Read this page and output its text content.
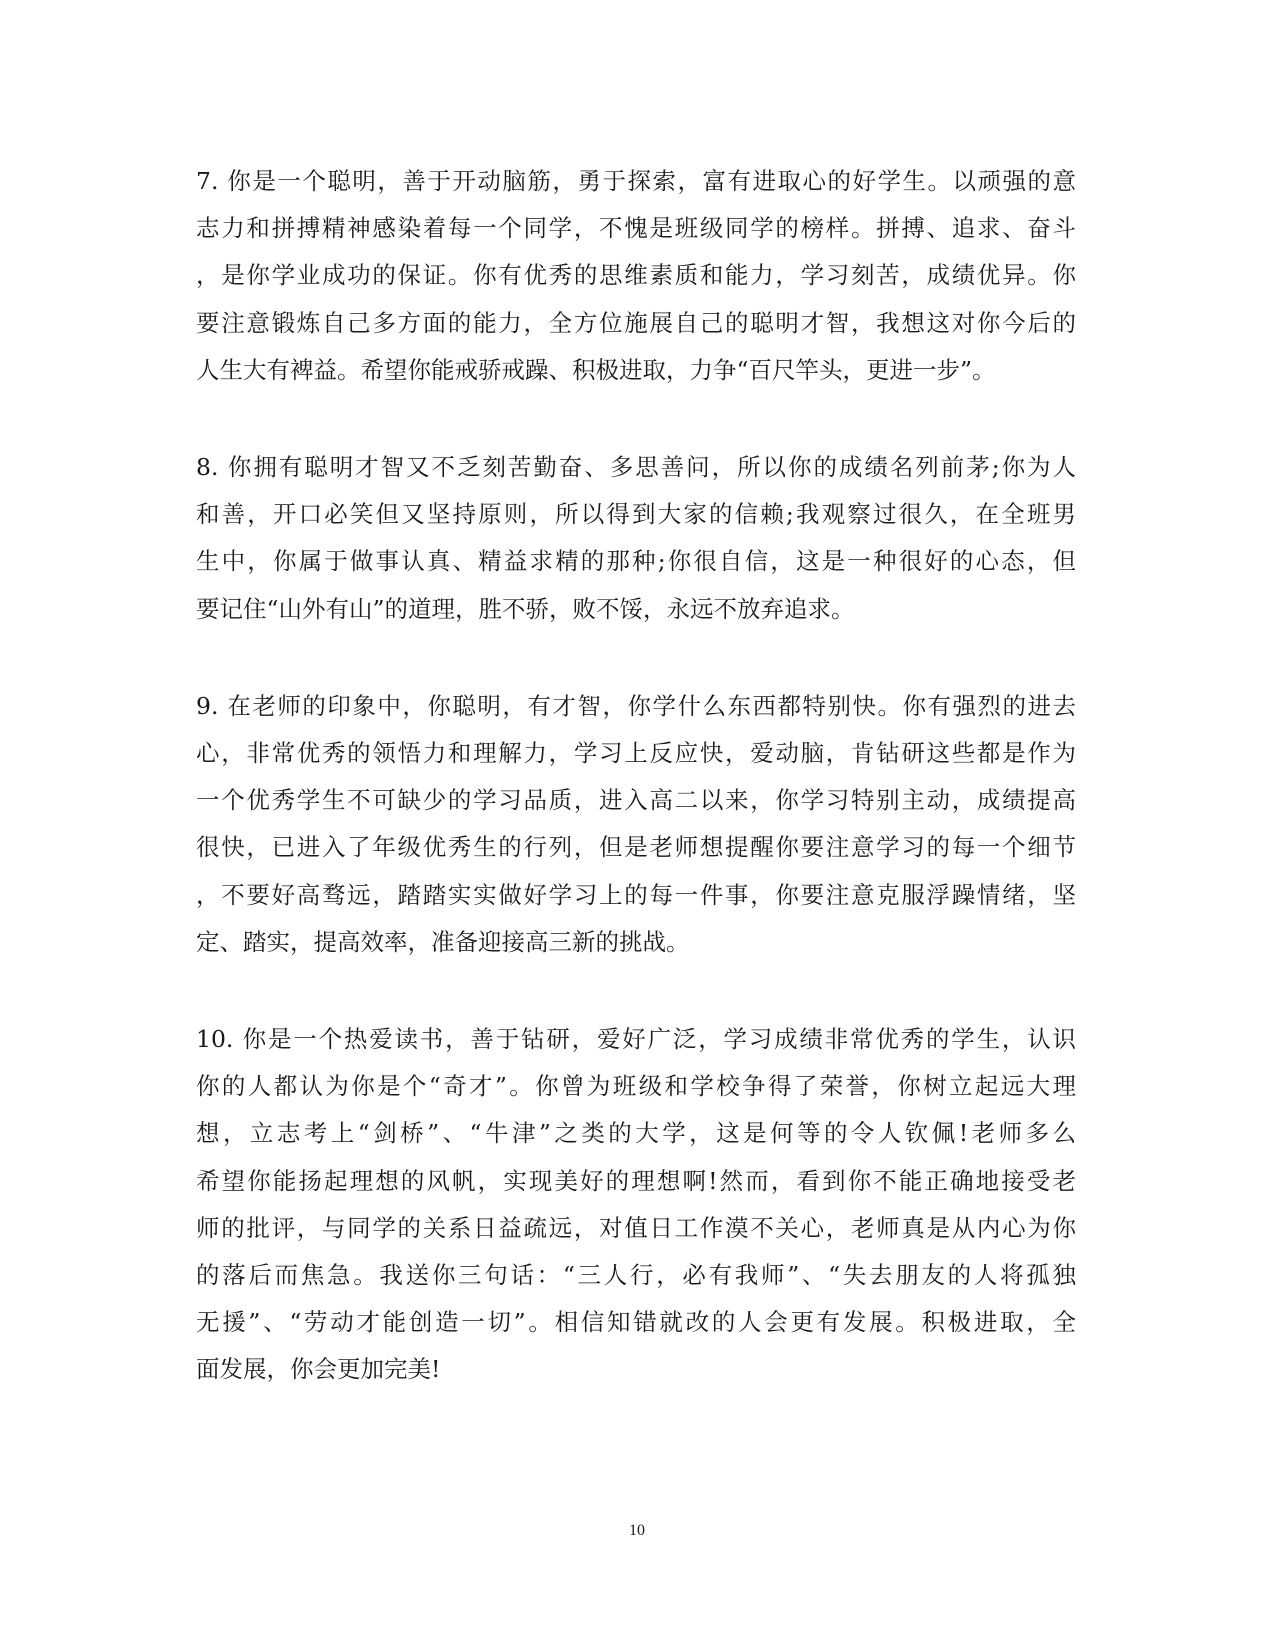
7. 你是一个聪明，善于开动脑筋，勇于探索，富有进取心的好学生。以顽强的意
志力和拼搏精神感染着每一个同学，不愧是班级同学的榜样。拼搏、追求、奋斗
，是你学业成功的保证。你有优秀的思维素质和能力，学习刻苦，成绩优异。你
要注意锻炼自己多方面的能力，全方位施展自己的聪明才智，我想这对你今后的
人生大有裨益。希望你能戒骄戒躁、积极进取，力争“百尺竿头，更进一步”。

8. 你拥有聪明才智又不乏刻苦勤奋、多思善问，所以你的成绩名列前茅;你为人
和善，开口必笑但又坚持原则，所以得到大家的信赖;我观察过很久，在全班男
生中，你属于做事认真、精益求精的那种;你很自信，这是一种很好的心态，但
要记住“山外有山”的道理，胜不骄，败不馁，永远不放弃追求。

9. 在老师的印象中，你聪明，有才智，你学什么东西都特别快。你有强烈的进去
心，非常优秀的领悟力和理解力，学习上反应快，爱动脑，肯钻研这些都是作为
一个优秀学生不可缺少的学习品质，进入高二以来，你学习特别主动，成绩提高
很快，已进入了年级优秀生的行列，但是老师想提醒你要注意学习的每一个细节
，不要好高骛远，踏踏实实做好学习上的每一件事，你要注意克服浮躁情绪，坚
定、踏实，提高效率，准备迎接高三新的挑战。

10. 你是一个热爱读书，善于钻研，爱好广泛，学习成绩非常优秀的学生，认识
你的人都认为你是个“奇才”。你曾为班级和学校争得了荣誉，你树立起远大理
想，立志考上“剑桥”、“牛津”之类的大学，这是何等的令人钦佩!老师多么
希望你能扬起理想的风帆，实现美好的理想啊!然而，看到你不能正确地接受老
师的批评，与同学的关系日益疏远，对值日工作漠不关心，老师真是从内心为你
的落后而焦急。我送你三句话：“三人行，必有我师”、“失去朋友的人将孤独
无援”、“劳动才能创造一切”。相信知错就改的人会更有发展。积极进取，全
面发展，你会更加完美!

10
